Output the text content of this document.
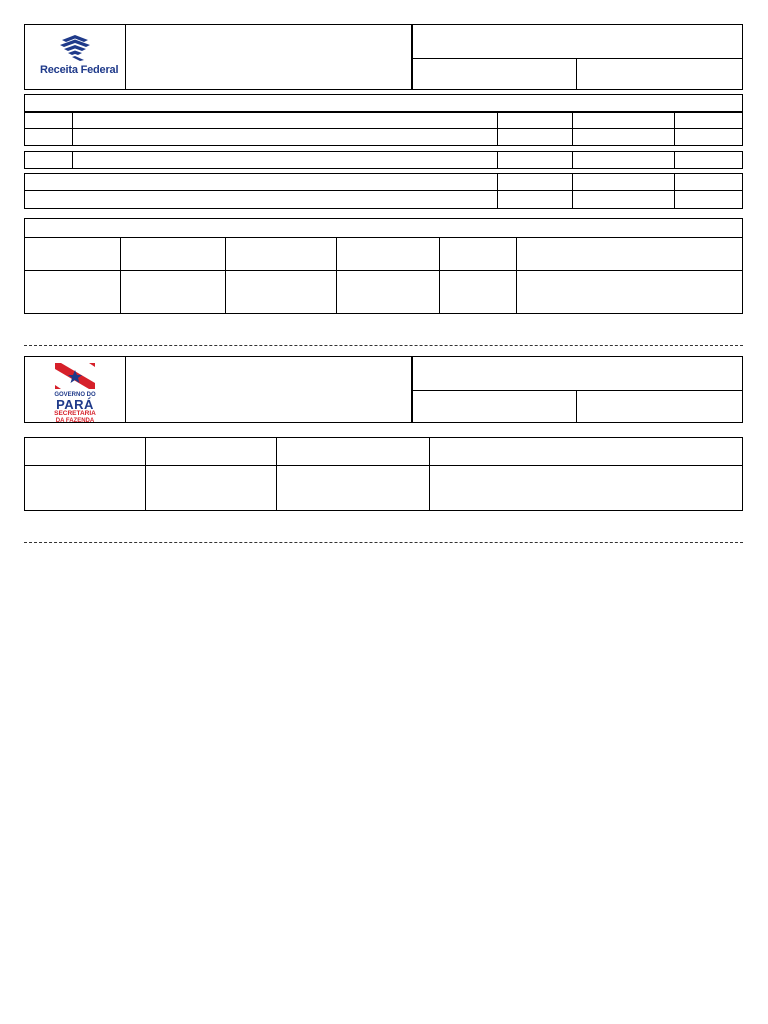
Receita Federal
GOVERNO DO
PARÁ
SECRETARIA
DA FAZENDA
